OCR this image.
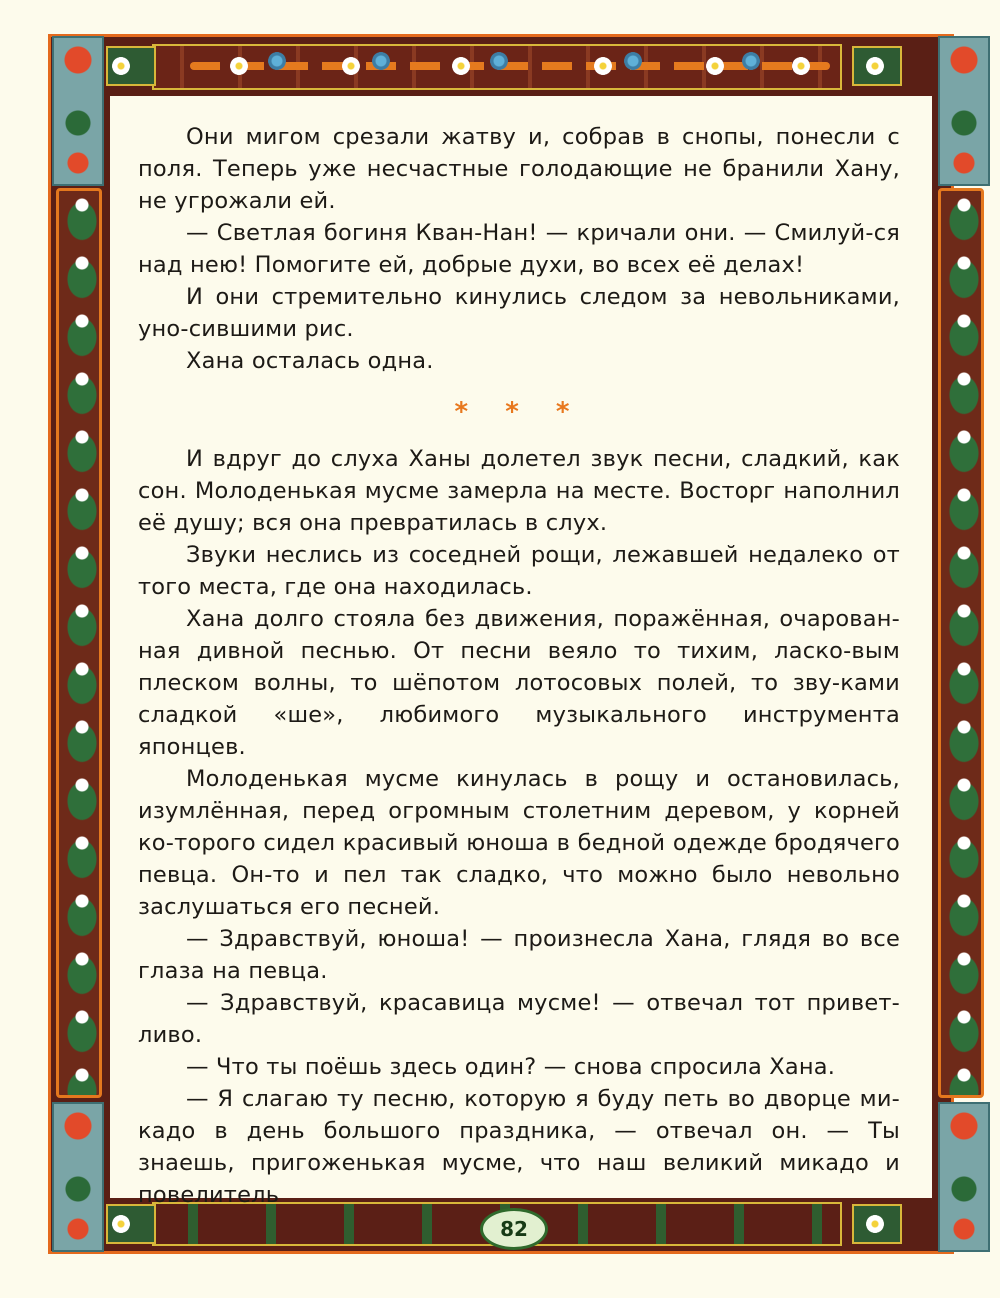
Они мигом срезали жатву и, собрав в снопы, понесли с поля. Теперь уже несчастные голодающие не бранили Хану, не угрожали ей.

— Светлая богиня Кван-Нан! — кричали они. — Смилуй-ся над нею! Помогите ей, добрые духи, во всех её делах!

И они стремительно кинулись следом за невольниками, уно-сившими рис.

Хана осталась одна.

* * *

И вдруг до слуха Ханы долетел звук песни, сладкий, как сон. Молоденькая мусме замерла на месте. Восторг наполнил её душу; вся она превратилась в слух.

Звуки неслись из соседней рощи, лежавшей недалеко от того места, где она находилась.

Хана долго стояла без движения, поражённая, очарован-ная дивной песнью. От песни веяло то тихим, ласко-вым плеском волны, то шёпотом лотосовых полей, то зву-ками сладкой «ше», любимого музыкального инструмента японцев.

Молоденькая мусме кинулась в рощу и остановилась, изумлённая, перед огромным столетним деревом, у корней ко-торого сидел красивый юноша в бедной одежде бродячего певца. Он-то и пел так сладко, что можно было невольно заслушаться его песней.

— Здравствуй, юноша! — произнесла Хана, глядя во все глаза на певца.

— Здравствуй, красавица мусме! — отвечал тот привет-ливо.

— Что ты поёшь здесь один? — снова спросила Хана.

— Я слагаю ту песню, которую я буду петь во дворце ми-кадо в день большого праздника, — отвечал он. — Ты знаешь, пригоженькая мусме, что наш великий микадо и повелитель

82
